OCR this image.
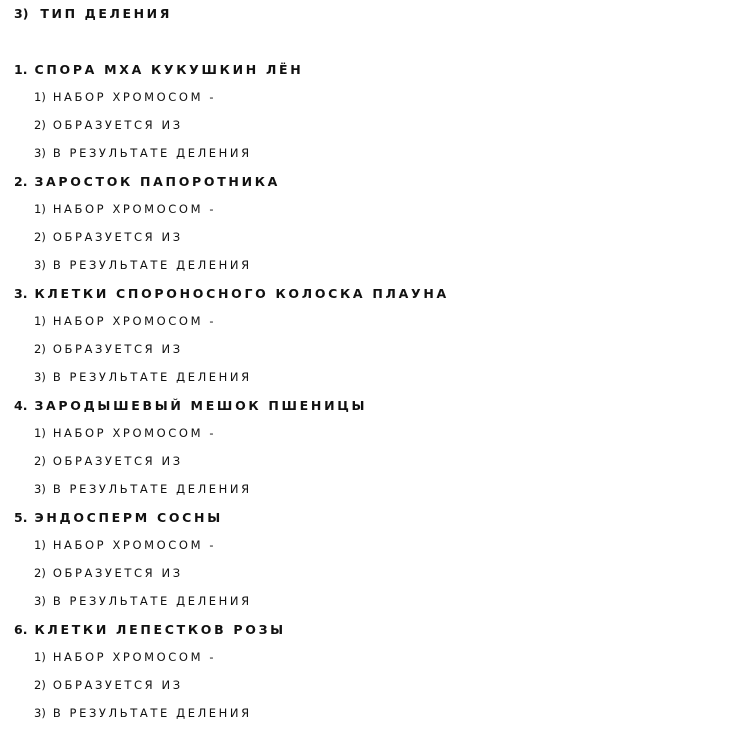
3) ТИП ДЕЛЕНИЯ
1. СПОРА МХА КУКУШКИН ЛЁН
1) НАБОР ХРОМОСОМ -
2) ОБРАЗУЕТСЯ ИЗ
3) В РЕЗУЛЬТАТЕ ДЕЛЕНИЯ
2. ЗАРОСТОК ПАПОРОТНИКА
1) НАБОР ХРОМОСОМ -
2) ОБРАЗУЕТСЯ ИЗ
3) В РЕЗУЛЬТАТЕ ДЕЛЕНИЯ
3. КЛЕТКИ СПОРОНОСНОГО КОЛОСКА ПЛАУНА
1) НАБОР ХРОМОСОМ -
2) ОБРАЗУЕТСЯ ИЗ
3) В РЕЗУЛЬТАТЕ ДЕЛЕНИЯ
4. ЗАРОДЫШЕВЫЙ МЕШОК ПШЕНИЦЫ
1) НАБОР ХРОМОСОМ -
2) ОБРАЗУЕТСЯ ИЗ
3) В РЕЗУЛЬТАТЕ ДЕЛЕНИЯ
5. ЭНДОСПЕРМ СОСНЫ
1) НАБОР ХРОМОСОМ -
2) ОБРАЗУЕТСЯ ИЗ
3) В РЕЗУЛЬТАТЕ ДЕЛЕНИЯ
6. КЛЕТКИ ЛЕПЕСТКОВ РОЗЫ
1) НАБОР ХРОМОСОМ -
2) ОБРАЗУЕТСЯ ИЗ
3) В РЕЗУЛЬТАТЕ ДЕЛЕНИЯ
